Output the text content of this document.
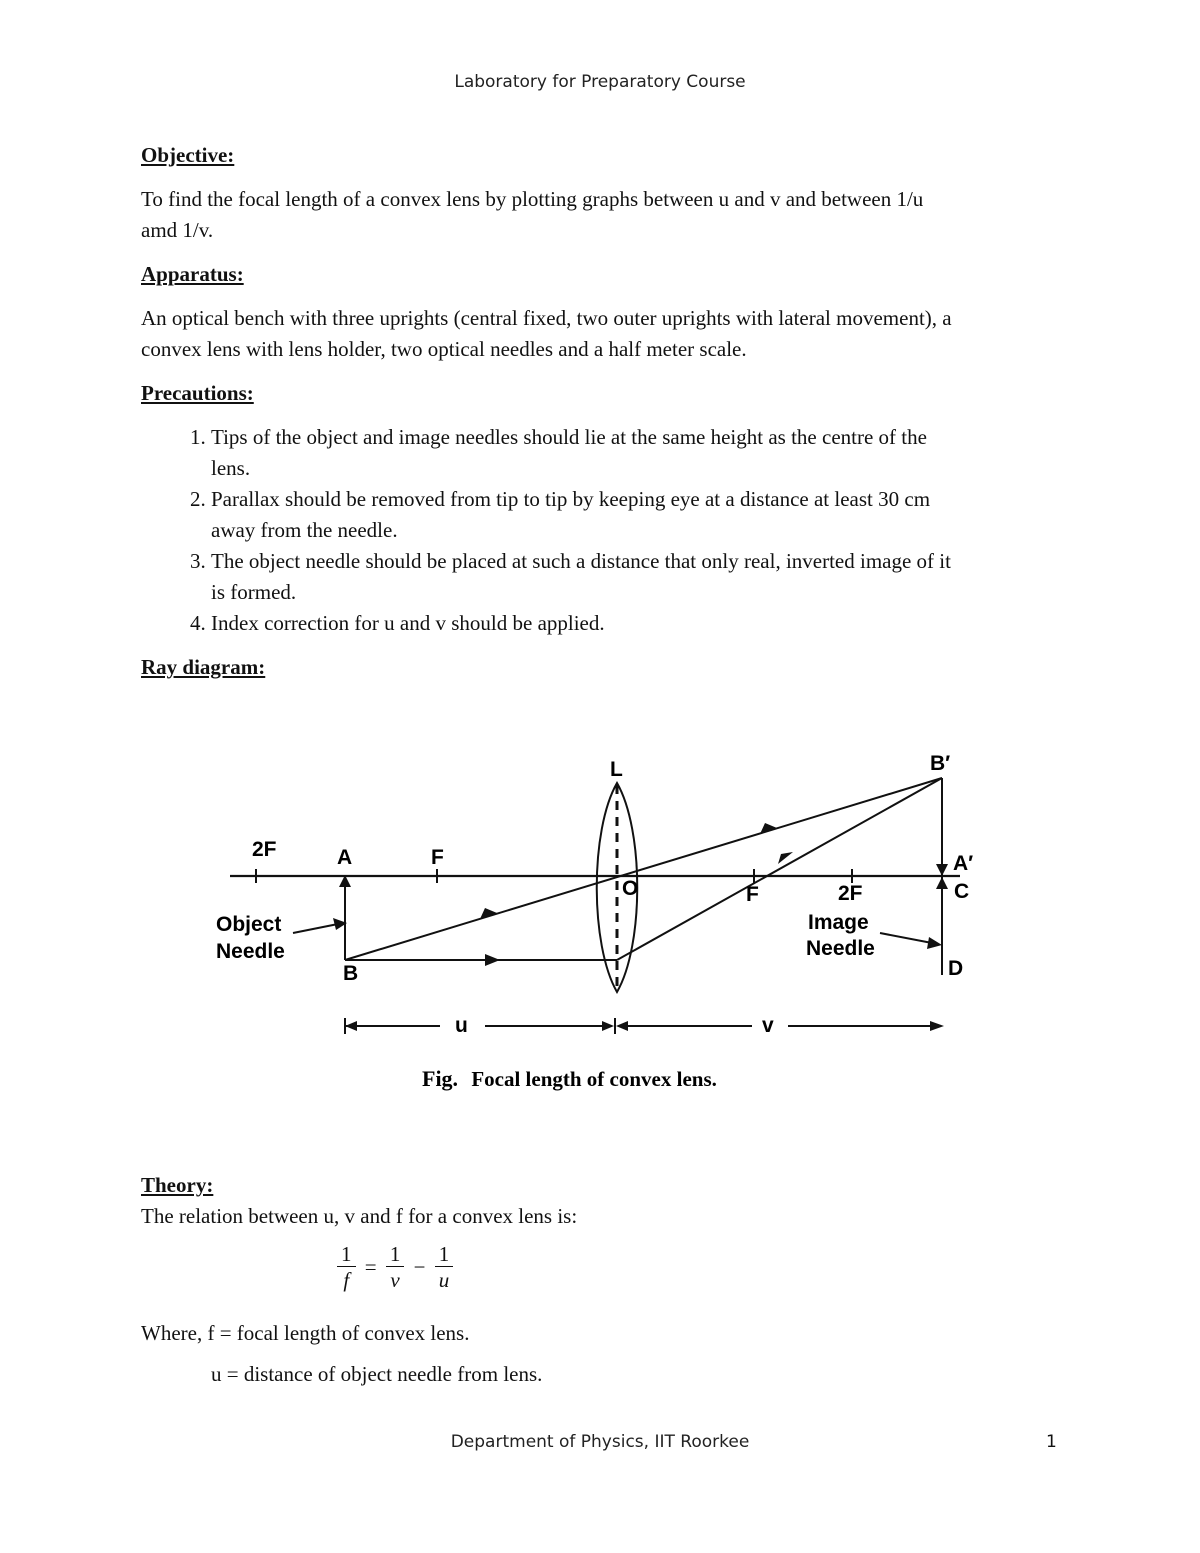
Laboratory for Preparatory Course

Objective:

To find the focal length of a convex lens by plotting graphs between u and v and between 1/u

amd 1/v.

Apparatus:

An optical bench with three uprights (central fixed, two outer uprights with lateral movement), a

convex lens with lens holder, two optical needles and a half meter scale.

Precautions:

1. Tips of the object and image needles should lie at the same height as the centre of the
lens.
2. Parallax should be removed from tip to tip by keeping eye at a distance at least 30 cm
away from the needle.
3. The object needle should be placed at such a distance that only real, inverted image of it
is formed.
4. Index correction for u and v should be applied.

Ray diagram:

2F	A	F
L	B′
A′
C
O	F	2F
Object
Needle
Image
Needle
B	D
u	v
Fig. Focal length of convex lens.

Theory:

The relation between u, v and f for a convex lens is:

$\frac{1}{f} = \frac{1}{v} - \frac{1}{u}$
Where, f = focal length of convex lens.
u = distance of object needle from lens.
Department of Physics, IIT Roorkee	1
